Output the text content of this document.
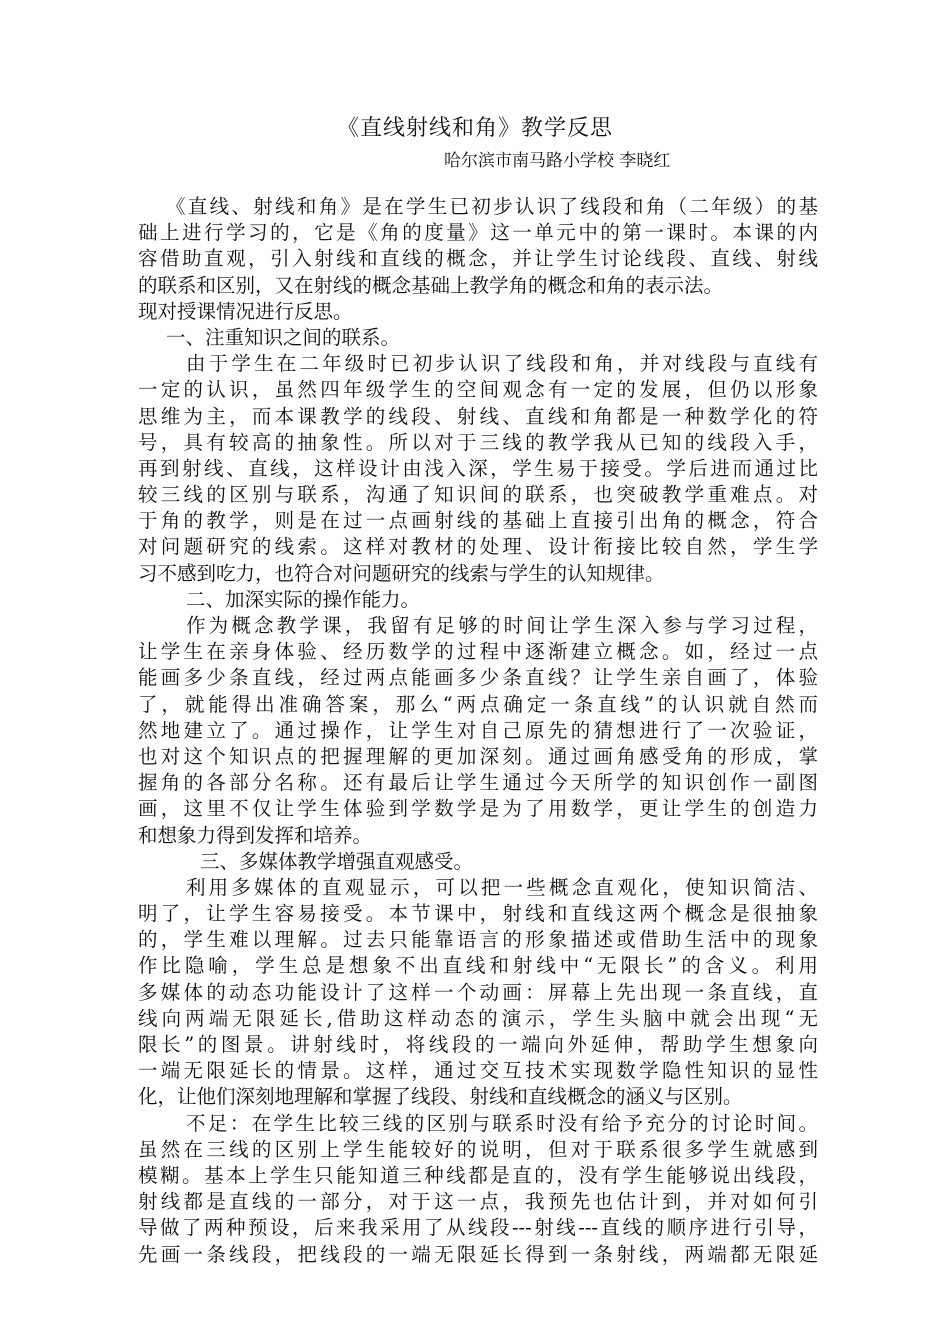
《直线射线和角》教学反思
哈尔滨市南马路小学校 李晓红
《直线、射线和角》是在学生已初步认识了线段和角（二年级）的基
础上进行学习的，它是《角的度量》这一单元中的第一课时。本课的内
容借助直观，引入射线和直线的概念，并让学生讨论线段、直线、射线
的联系和区别，又在射线的概念基础上教学角的概念和角的表示法。
现对授课情况进行反思。
一、注重知识之间的联系。
由于学生在二年级时已初步认识了线段和角，并对线段与直线有
一定的认识，虽然四年级学生的空间观念有一定的发展，但仍以形象
思维为主，而本课教学的线段、射线、直线和角都是一种数学化的符
号，具有较高的抽象性。所以对于三线的教学我从已知的线段入手，
再到射线、直线，这样设计由浅入深，学生易于接受。学后进而通过比
较三线的区别与联系，沟通了知识间的联系，也突破教学重难点。对
于角的教学，则是在过一点画射线的基础上直接引出角的概念，符合
对问题研究的线索。这样对教材的处理、设计衔接比较自然，学生学
习不感到吃力，也符合对问题研究的线索与学生的认知规律。
二、加深实际的操作能力。
作为概念教学课，我留有足够的时间让学生深入参与学习过程，
让学生在亲身体验、经历数学的过程中逐渐建立概念。如，经过一点
能画多少条直线，经过两点能画多少条直线？让学生亲自画了，体验
了，就能得出准确答案，那么“两点确定一条直线”的认识就自然而
然地建立了。通过操作，让学生对自己原先的猜想进行了一次验证，
也对这个知识点的把握理解的更加深刻。通过画角感受角的形成，掌
握角的各部分名称。还有最后让学生通过今天所学的知识创作一副图
画，这里不仅让学生体验到学数学是为了用数学，更让学生的创造力
和想象力得到发挥和培养。
三、多媒体教学增强直观感受。
利用多媒体的直观显示，可以把一些概念直观化，使知识简洁、
明了，让学生容易接受。本节课中，射线和直线这两个概念是很抽象
的，学生难以理解。过去只能靠语言的形象描述或借助生活中的现象
作比隐喻，学生总是想象不出直线和射线中“无限长”的含义。利用
多媒体的动态功能设计了这样一个动画：屏幕上先出现一条直线，直
线向两端无限延长,借助这样动态的演示，学生头脑中就会出现“无
限长”的图景。讲射线时，将线段的一端向外延伸，帮助学生想象向
一端无限延长的情景。这样，通过交互技术实现数学隐性知识的显性
化，让他们深刻地理解和掌握了线段、射线和直线概念的涵义与区别。
不足：在学生比较三线的区别与联系时没有给予充分的讨论时间。
虽然在三线的区别上学生能较好的说明，但对于联系很多学生就感到
模糊。基本上学生只能知道三种线都是直的，没有学生能够说出线段，
射线都是直线的一部分，对于这一点，我预先也估计到，并对如何引
导做了两种预设，后来我采用了从线段---射线---直线的顺序进行引导，
先画一条线段，把线段的一端无限延长得到一条射线，两端都无限延
